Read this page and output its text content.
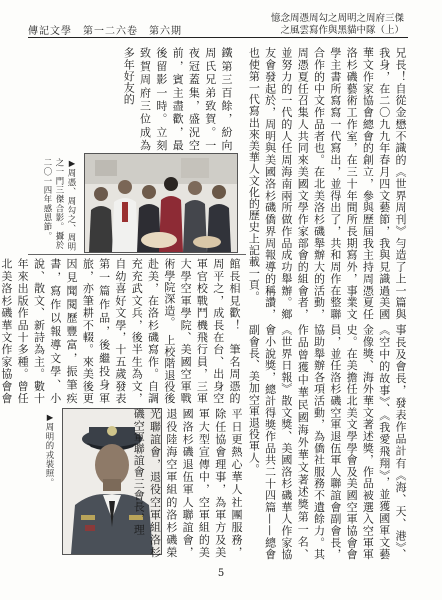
傳記文學　第一二六卷　第六期
憶念周憑周勾之周明之周府三傑
之風雲寫作與黑貓中隊（上）
兄長！自從金懋不識的《世界周刊》勻造了上一篇與我身，在二〇九九年春月四文藝節，我與見識過美國華文作家協會總會的創立，參與歷屆我主持周憑夏任洛杉磯藝術工作室，在三十年間所長期寫外，事業文學主書所寫寫一代寫出，並得出了，共和周作在整聯合作的中文作品者也。在北美洛杉磯舉辦大的活動，周憑夏任召集人共同來美國文學作家部會的組會者，並努力的一代的人任周海南兩所做作品成功舉辦。鄉友會發起於，周明與美國洛杉磯僑界周報導的稱讚，也使第一代寫出來美華人文化的歷史上記載一頁。
鐵第三百餘，紛向周氏兄弟致賀。一夜冠蓋集，盛況空前，賓主盡歡，最後留影一時。立刻致賀周府三位成為多年好友的
▶周憑、周勾之、周明之一門三傑合影。攝於二〇一四年感恩節。
館長相見歡！　筆名周憑的周平之，成長在台、出身空軍官校戰鬥機飛行員，三軍大學空軍學院、美國空軍戰術學院深造。　上校階退役後赴美，在洛杉磯寫作。自調充充武文兵，後半生為文，自幼喜好文學，十五歲發表第一篇作品，後繼投身軍旅，亦筆耕不輟。來美後更因見聞閱歷豐富，振筆疾書，寫作以報導文學、小說、散文、新詩為主。數十年來出版作品十多種。曾任北美洛杉磯華文作家協會會	事長及會長，發表作品計有《海、天、港》、《空中的故事》、《我愛飛翔》，並獲國軍文藝金像獎、海外華文著述獎，作品被選入空軍軍史。在美擔任北美文學學會及美國空軍協會會員，並任洛杉磯空軍退伍軍人聯誼會副會長，協助舉辦各項活動，為僑社服務不遺餘力。其作品曾獲中華民國海外華文著述獎第一名、《世界日報》散文獎、美國洛杉磯華人作家協會小說獎，總計得獎作品共二十四篇——總會副會長、美加空軍退役軍人。
▶周明的戎裝照。	平日更熱心華人社團服務，除任協會理事，為軍方及美軍大型宣傳中，空軍組的美國洛杉磯退伍軍人聯誼會，退役陸海空軍組的洛杉磯榮光聯誼會，退役空軍組洛杉磯空軍聯誼會三會長，理
5
